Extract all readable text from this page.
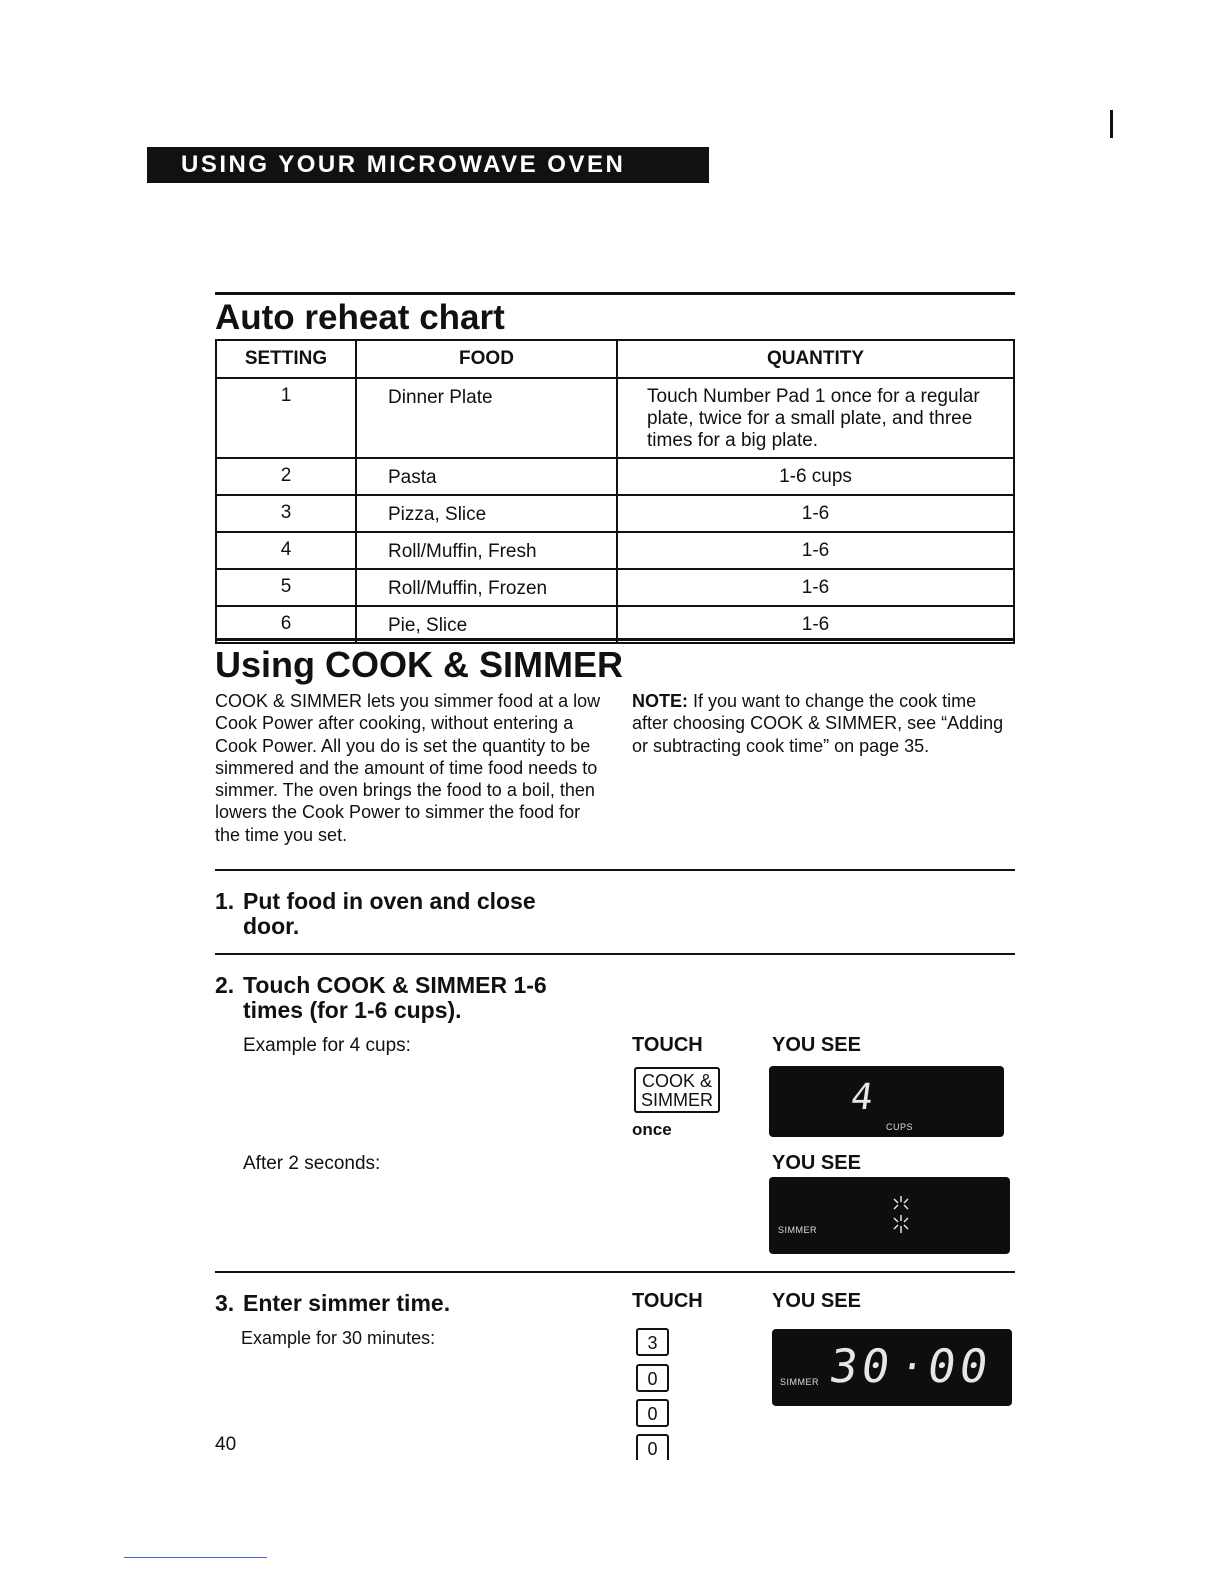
USING YOUR MICROWAVE OVEN
Auto reheat chart
SETTING	FOOD	QUANTITY
1	Dinner Plate	Touch Number Pad 1 once for a regular plate, twice for a small plate, and three times for a big plate.
2	Pasta	1-6 cups
3	Pizza, Slice	1-6
4	Roll/Muffin, Fresh	1-6
5	Roll/Muffin, Frozen	1-6
6	Pie, Slice	1-6
Using COOK & SIMMER
COOK & SIMMER lets you simmer food at a low Cook Power after cooking, without entering a Cook Power. All you do is set the quantity to be simmered and the amount of time food needs to simmer. The oven brings the food to a boil, then lowers the Cook Power to simmer the food for the time you set.
NOTE: If you want to change the cook time after choosing COOK & SIMMER, see “Adding or subtracting cook time” on page 35.
1. Put food in oven and close
door.
2. Touch COOK & SIMMER 1-6
times (for 1-6 cups).
Example for 4 cups:	TOUCH	YOU SEE
COOK &
SIMMER
once
4
CUPS
After 2 seconds:	YOU SEE
SIMMER
3. Enter simmer time.	TOUCH	YOU SEE
Example for 30 minutes:	3
0
0
0
SIMMER 30 ·
00
40
